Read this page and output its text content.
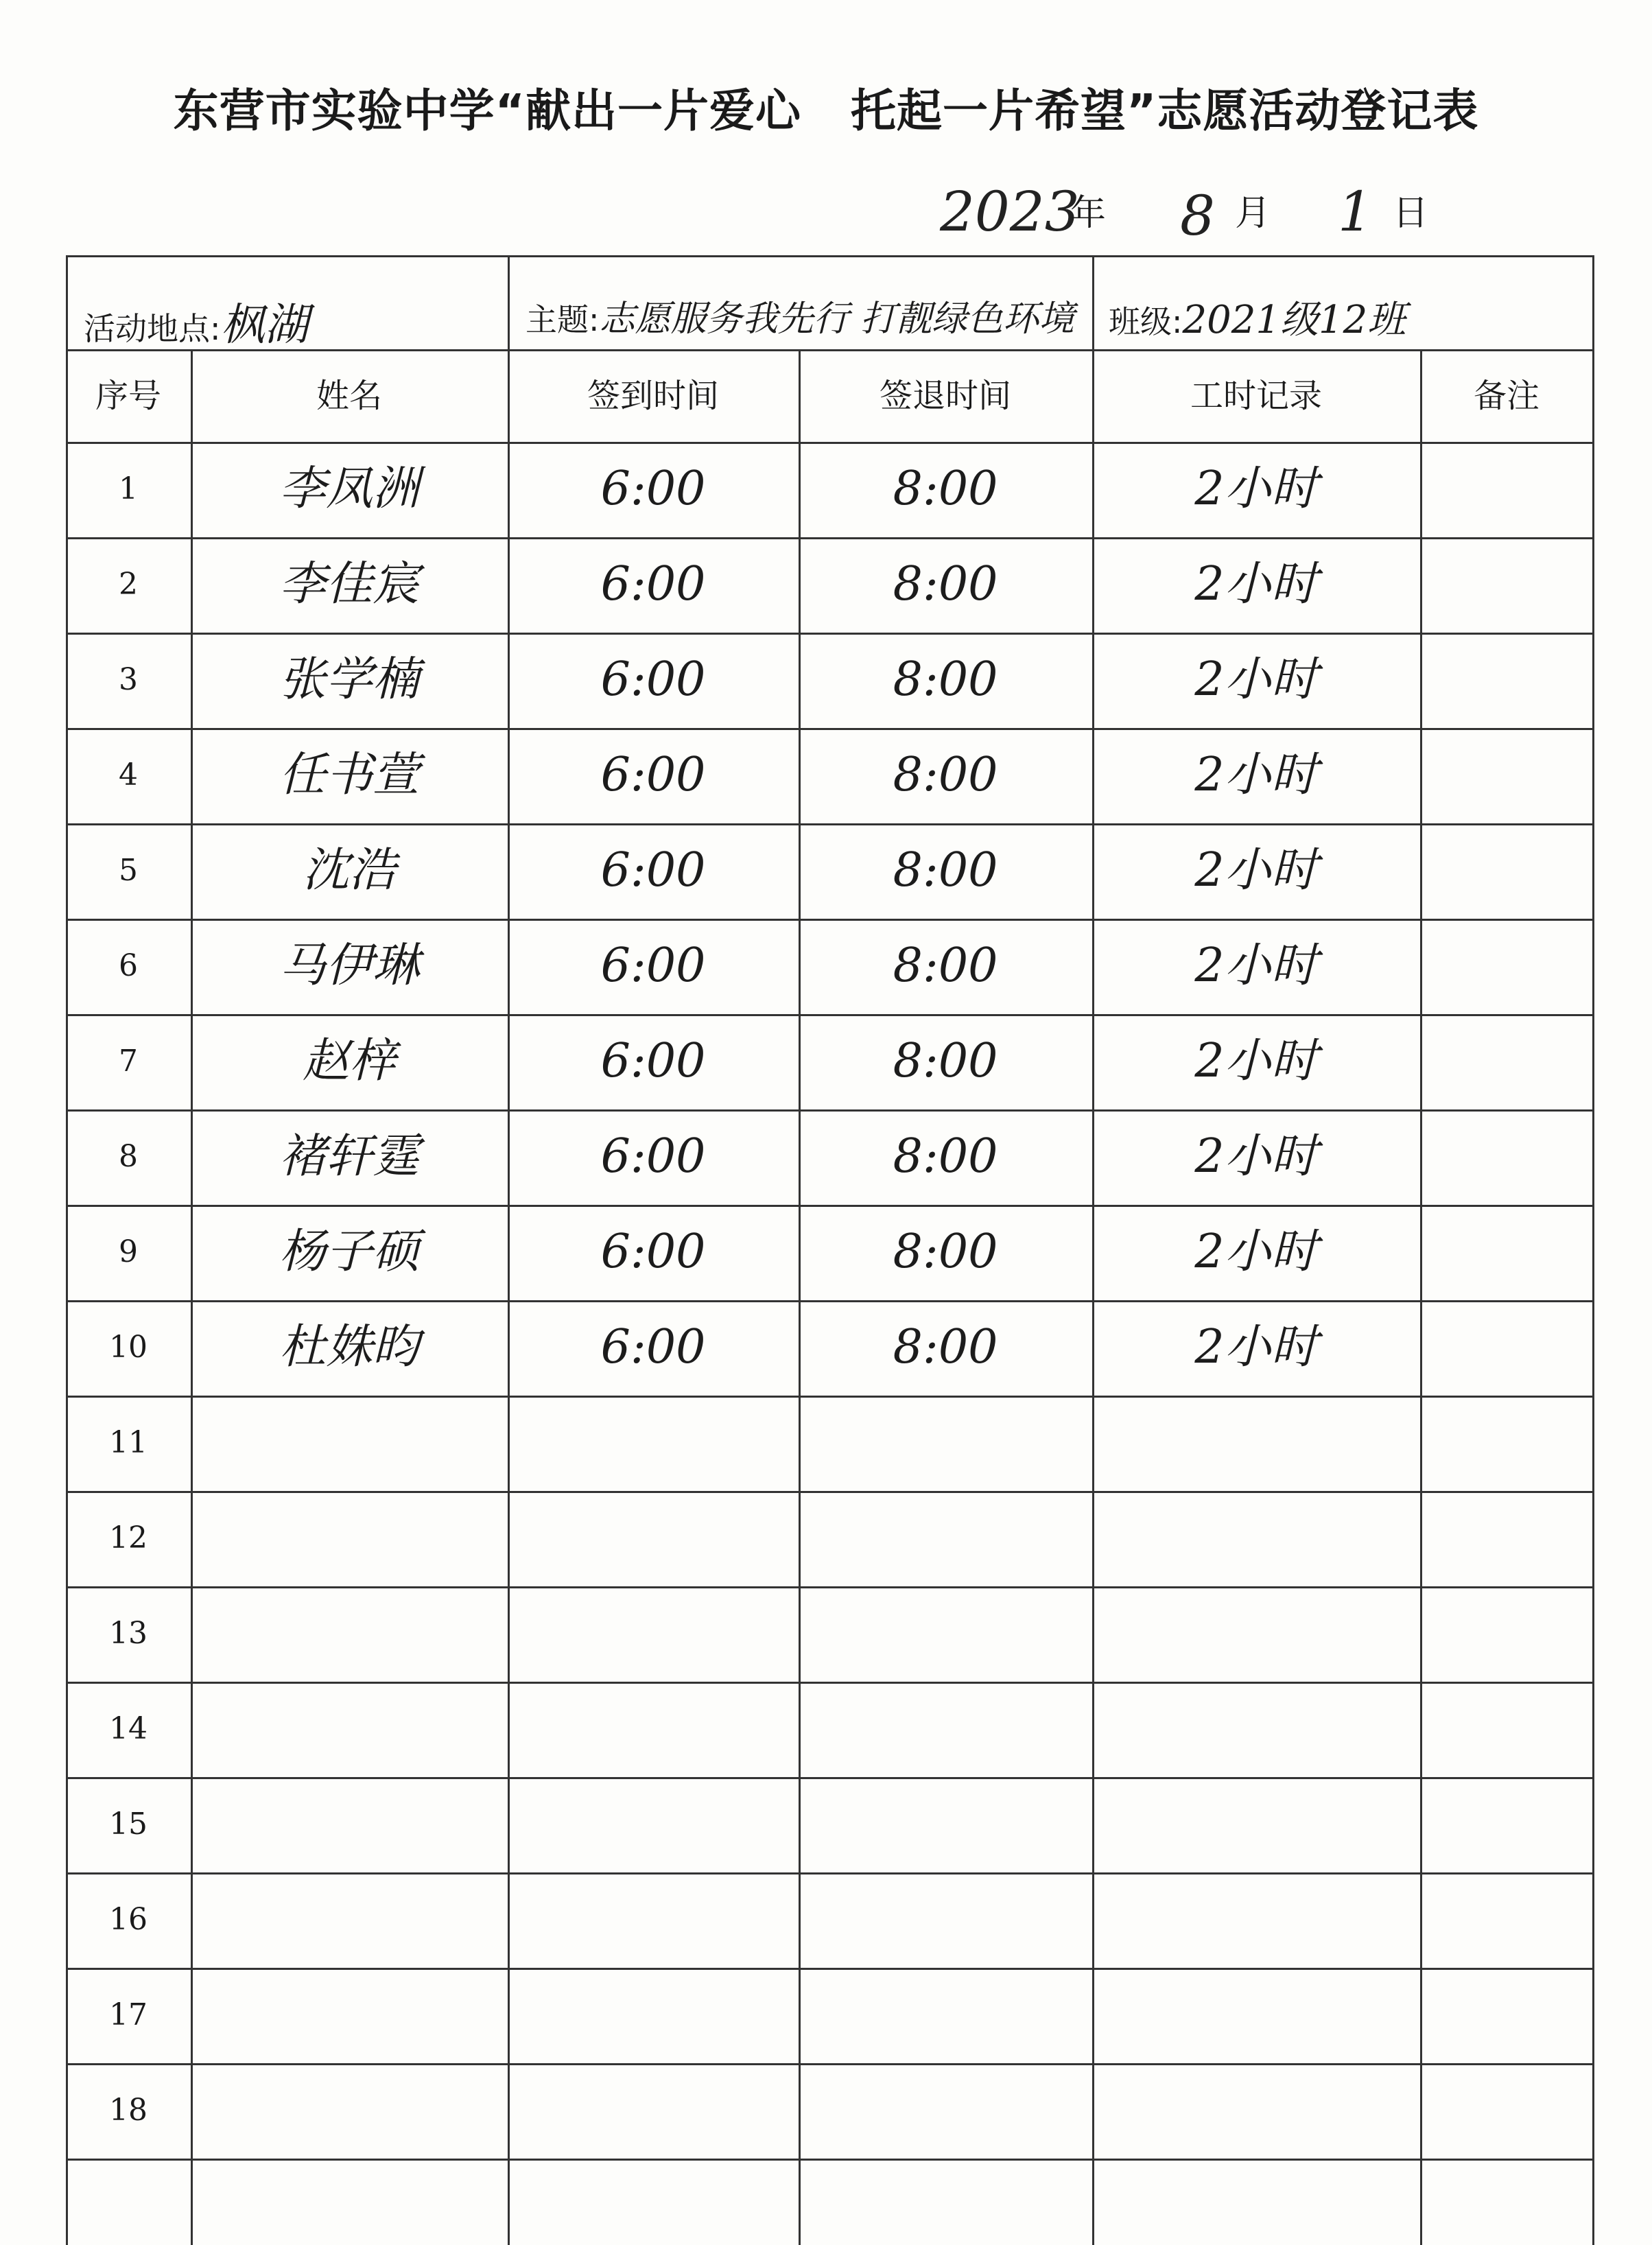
东营市实验中学“献出一片爱心   托起一片希望”志愿活动登记表
2023
年 8 月 1 日
活动地点:枫湖	主题:志愿服务我先行 打靓绿色环境 班级:2021级12班
序号	姓名	签到时间	签退时间	工时记录	备注
1	李凤洲	6:00	8:00	2小时
2	李佳宸	6:00	8:00	2小时
3	张学楠	6:00	8:00	2小时
4	任书萱	6:00	8:00	2小时
5	沈浩	6:00	8:00	2小时
6	马伊琳	6:00	8:00	2小时
7	赵梓	6:00	8:00	2小时
8	褚轩霆	6:00	8:00	2小时
9	杨子硕	6:00	8:00	2小时
10	杜姝昀	6:00	8:00	2小时
11
12
13
14
15
16
17
18
